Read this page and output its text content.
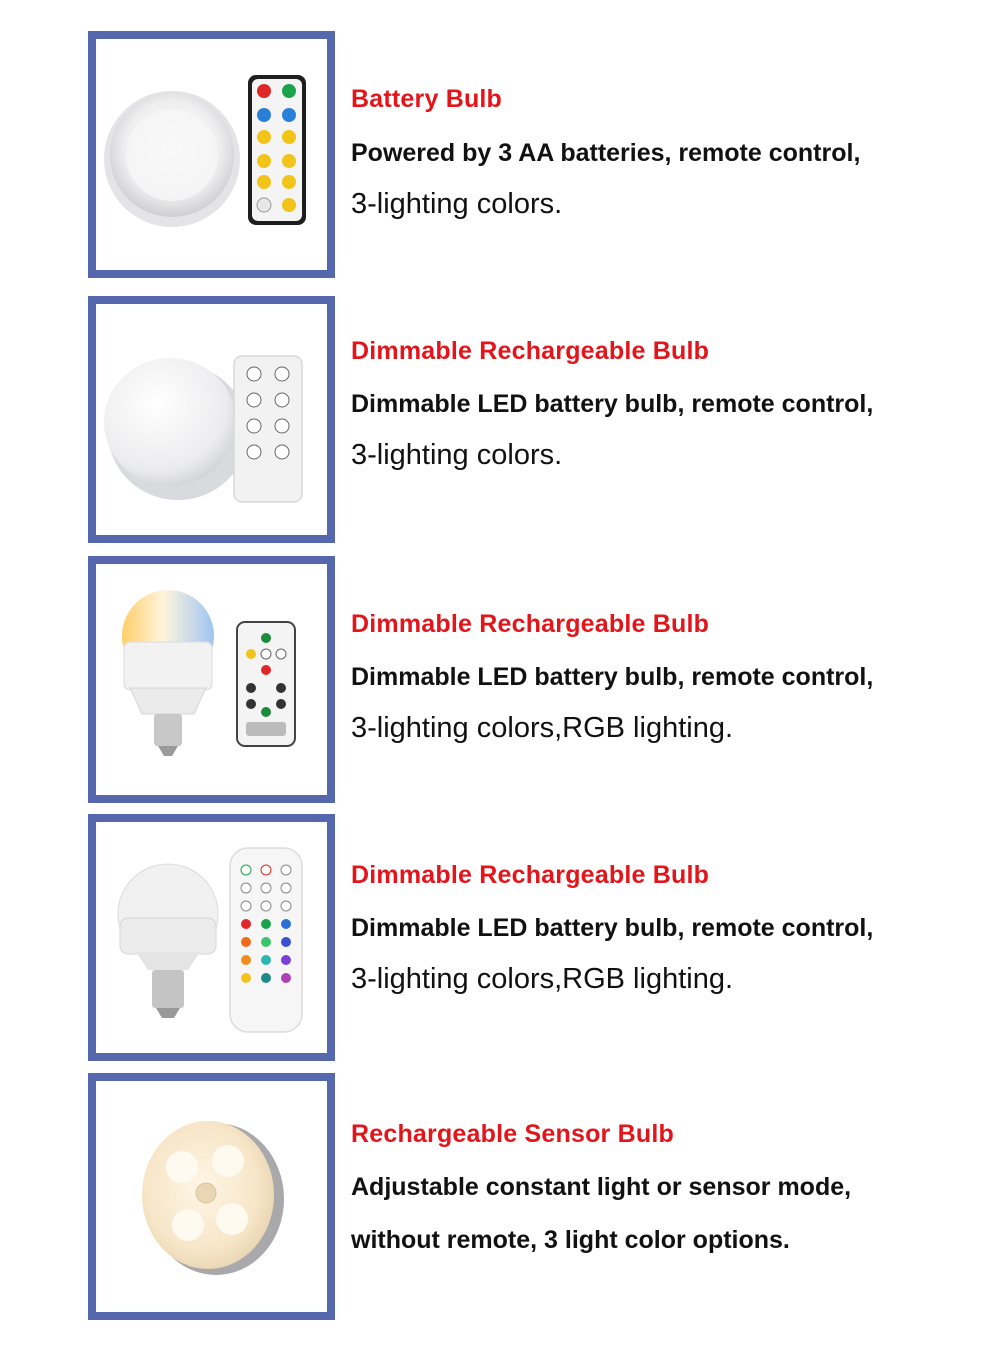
Battery Bulb
Powered by 3 AA batteries, remote control,
3-lighting colors.
Dimmable Rechargeable Bulb
Dimmable LED battery bulb, remote control,
3-lighting colors.
Dimmable Rechargeable Bulb
Dimmable LED battery bulb, remote control,
3-lighting colors,RGB lighting.
Dimmable Rechargeable Bulb
Dimmable LED battery bulb, remote control,
3-lighting colors,RGB lighting.
Rechargeable Sensor Bulb
Adjustable constant light or sensor mode,
without remote, 3 light color options.
